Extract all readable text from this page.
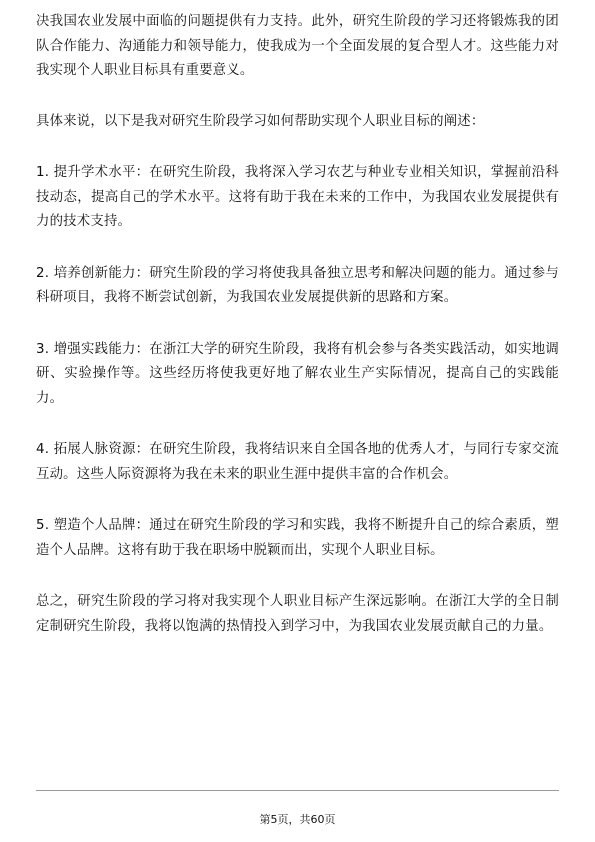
决我国农业发展中面临的问题提供有力支持。此外，研究生阶段的学习还将锻炼我的团队合作能力、沟通能力和领导能力，使我成为一个全面发展的复合型人才。这些能力对我实现个人职业目标具有重要意义。

具体来说，以下是我对研究生阶段学习如何帮助实现个人职业目标的阐述：

1. 提升学术水平：在研究生阶段，我将深入学习农艺与种业专业相关知识，掌握前沿科技动态，提高自己的学术水平。这将有助于我在未来的工作中，为我国农业发展提供有力的技术支持。

2. 培养创新能力：研究生阶段的学习将使我具备独立思考和解决问题的能力。通过参与科研项目，我将不断尝试创新，为我国农业发展提供新的思路和方案。

3. 增强实践能力：在浙江大学的研究生阶段，我将有机会参与各类实践活动，如实地调研、实验操作等。这些经历将使我更好地了解农业生产实际情况，提高自己的实践能力。

4. 拓展人脉资源：在研究生阶段，我将结识来自全国各地的优秀人才，与同行专家交流互动。这些人际资源将为我在未来的职业生涯中提供丰富的合作机会。

5. 塑造个人品牌：通过在研究生阶段的学习和实践，我将不断提升自己的综合素质，塑造个人品牌。这将有助于我在职场中脱颖而出，实现个人职业目标。

总之，研究生阶段的学习将对我实现个人职业目标产生深远影响。在浙江大学的全日制定制研究生阶段，我将以饱满的热情投入到学习中，为我国农业发展贡献自己的力量。

第5页，共60页
